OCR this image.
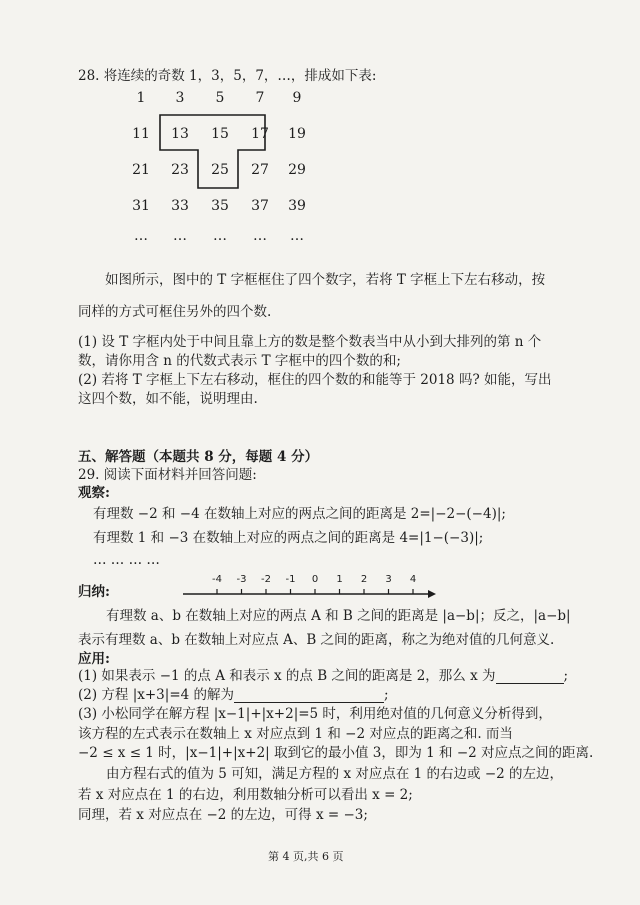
28. 将连续的奇数 1，3，5，7，…，排成如下表:
1	3	5	7	9
11	13	15	17	19
21	23	25	27	29
31	33	35	37	39
…	…	…	…	…
如图所示，图中的 T 字框框住了四个数字，若将 T 字框上下左右移动，按
同样的方式可框住另外的四个数.
(1) 设 T 字框内处于中间且靠上方的数是整个数表当中从小到大排列的第 n 个
数，请你用含 n 的代数式表示 T 字框中的四个数的和;
(2) 若将 T 字框上下左右移动，框住的四个数的和能等于 2018 吗? 如能，写出
这四个数，如不能，说明理由.
五、解答题（本题共 8 分，每题 4 分）
29. 阅读下面材料并回答问题:
观察:
有理数 −2 和 −4 在数轴上对应的两点之间的距离是 2=|−2−(−4)|;
有理数 1 和 −3 在数轴上对应的两点之间的距离是 4=|1−(−3)|;
… … … …
归纳:
-4	-3	-2	-1	0	1	2	3	4
有理数 a、b 在数轴上对应的两点 A 和 B 之间的距离是 |a−b|；反之，|a−b|
表示有理数 a、b 在数轴上对应点 A、B 之间的距离，称之为绝对值的几何意义.
应用:
(1) 如果表示 −1 的点 A 和表示 x 的点 B 之间的距离是 2，那么 x 为	;
(2) 方程 |x+3|=4 的解为	;
(3) 小松同学在解方程 |x−1|+|x+2|=5 时，利用绝对值的几何意义分析得到，
该方程的左式表示在数轴上 x 对应点到 1 和 −2 对应点的距离之和. 而当
−2 ≤ x ≤ 1 时，|x−1|+|x+2| 取到它的最小值 3，即为 1 和 −2 对应点之间的距离.
由方程右式的值为 5 可知，满足方程的 x 对应点在 1 的右边或 −2 的左边，
若 x 对应点在 1 的右边，利用数轴分析可以看出 x = 2;
同理，若 x 对应点在 −2 的左边，可得 x = −3;
第 4 页,共 6 页
